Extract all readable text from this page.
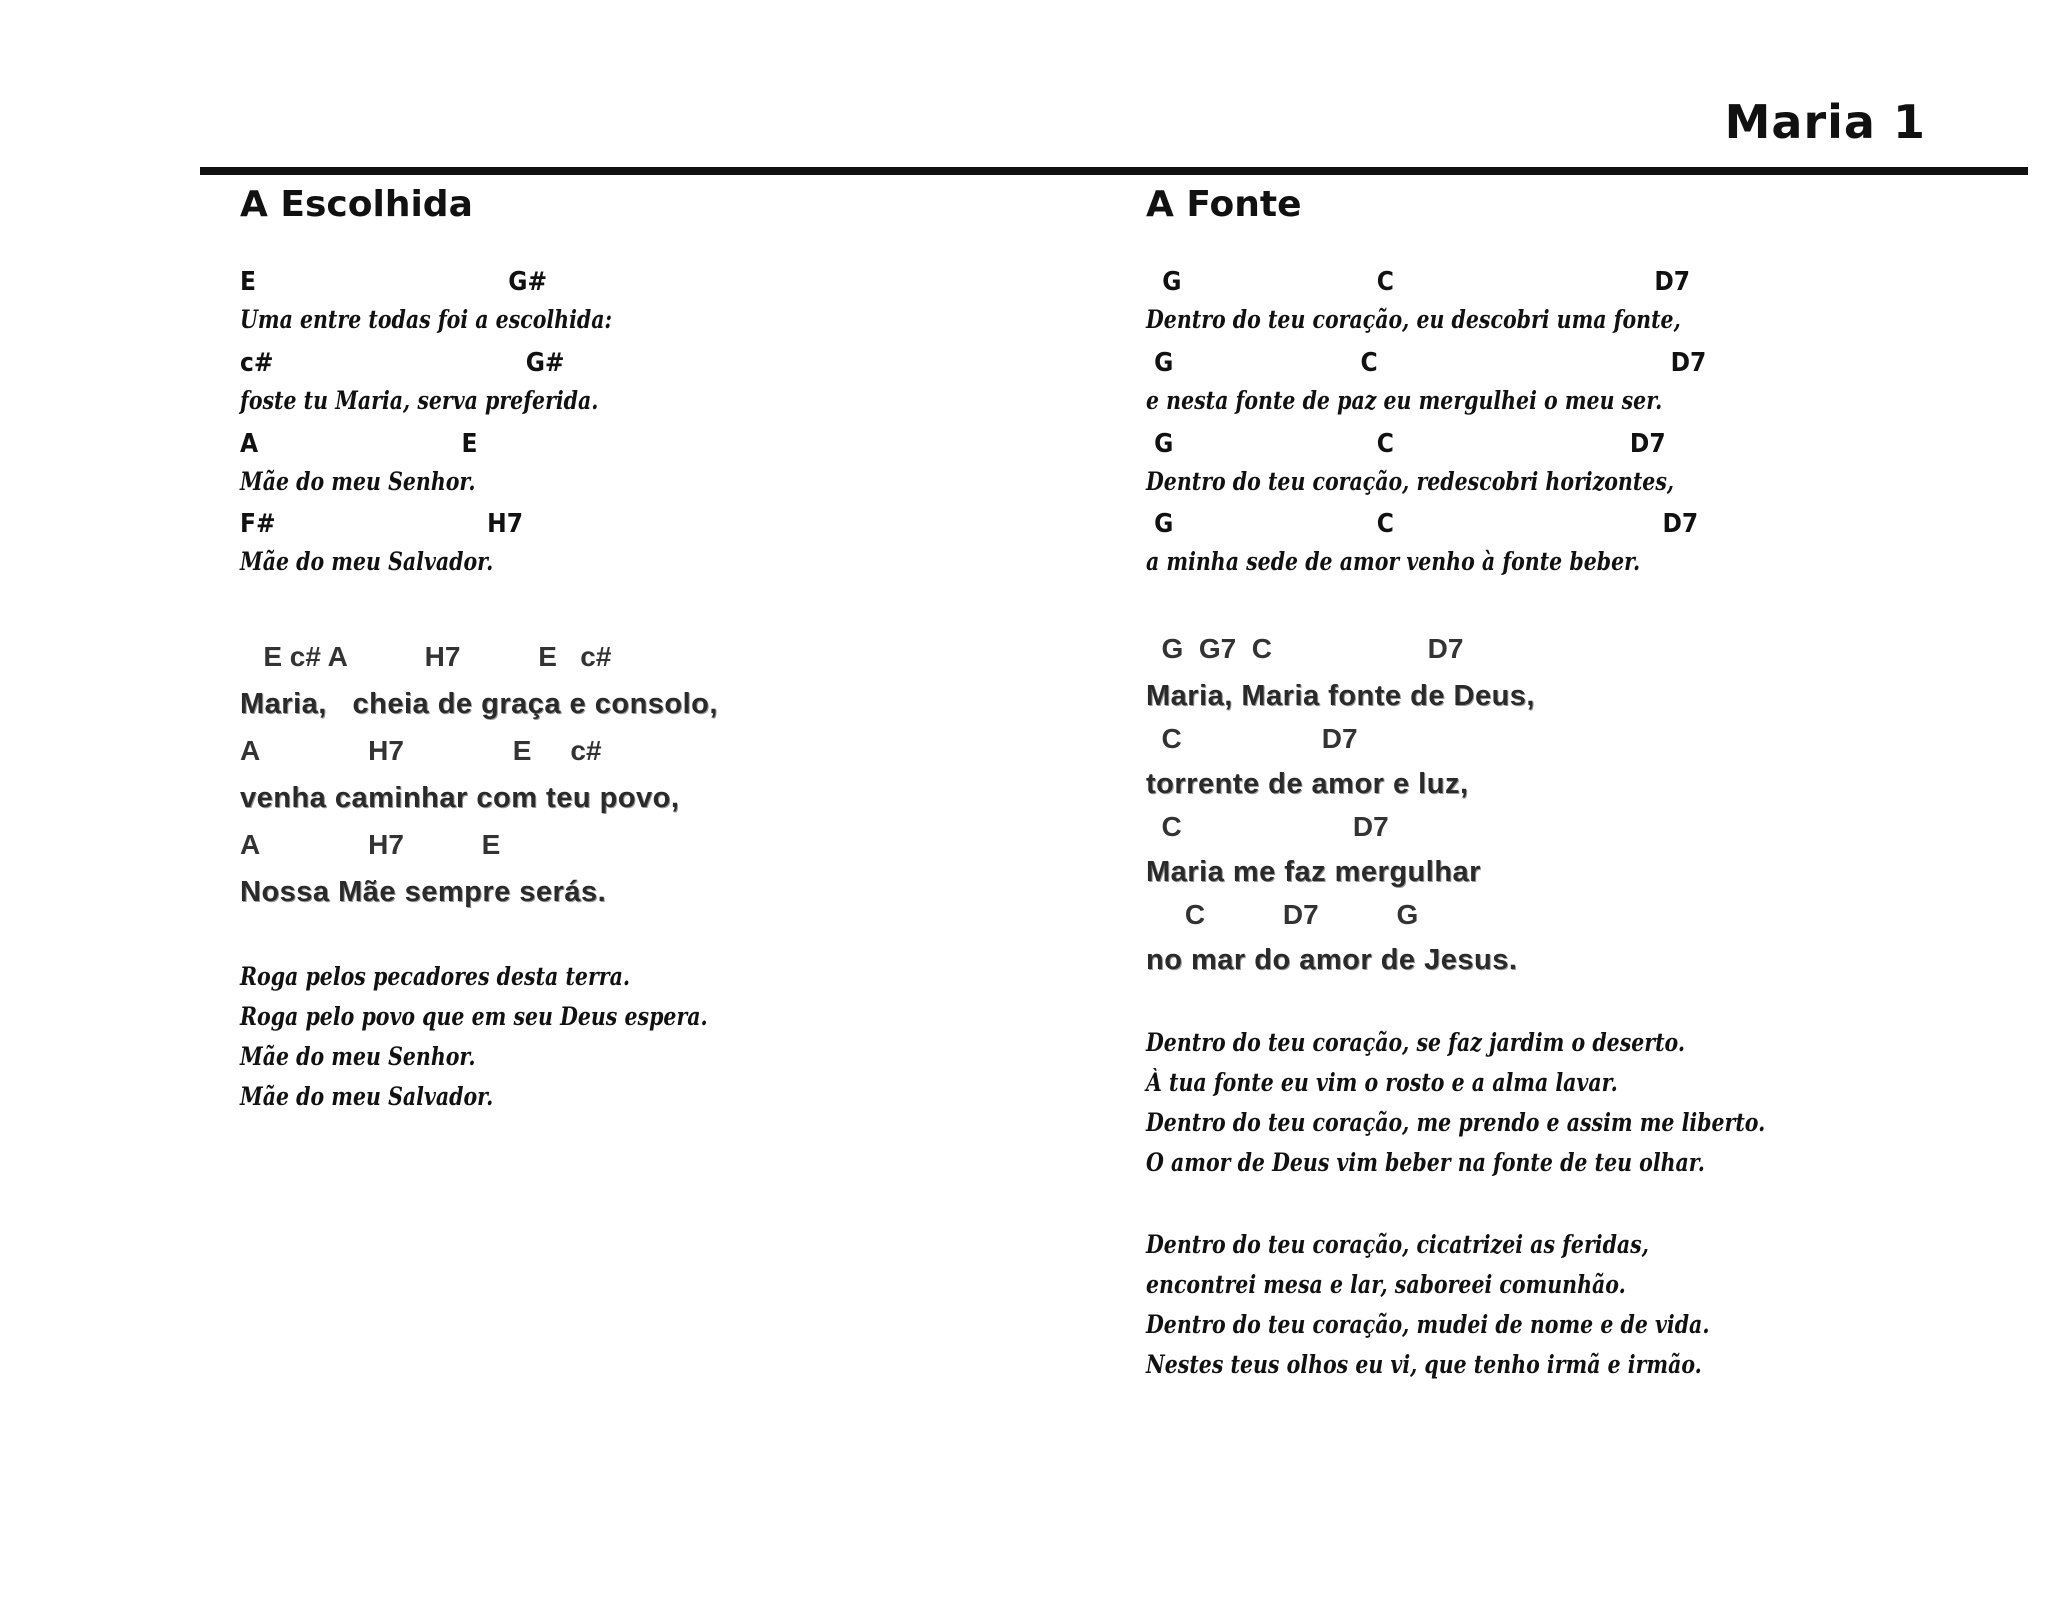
Maria 1
A Escolhida
E                               G#
Uma entre todas foi a escolhida:
c#                               G#
foste tu Maria, serva preferida.
A                         E
Mãe do meu Senhor.
F#                          H7
Mãe do meu Salvador.
E c# A          H7          E   c#
Maria,   cheia de graça e consolo,
A              H7              E     c#
venha caminhar com teu povo,
A              H7          E
Nossa Mãe sempre serás.
Roga pelos pecadores desta terra.
Roga pelo povo que em seu Deus espera.
Mãe do meu Senhor.
Mãe do meu Salvador.
A Fonte
G                        C                                D7
Dentro do teu coração, eu descobri uma fonte,
G                       C                                    D7
e nesta fonte de paz eu mergulhei o meu ser.
G                         C                             D7
Dentro do teu coração, redescobri horizontes,
G                         C                                 D7
a minha sede de amor venho à fonte beber.
G  G7  C                    D7
Maria, Maria fonte de Deus,
C                  D7
torrente de amor e luz,
C                      D7
Maria me faz mergulhar
C          D7          G
no mar do amor de Jesus.
Dentro do teu coração, se faz jardim o deserto.
À tua fonte eu vim o rosto e a alma lavar.
Dentro do teu coração, me prendo e assim me liberto.
O amor de Deus vim beber na fonte de teu olhar.
Dentro do teu coração, cicatrizei as feridas,
encontrei mesa e lar, saboreei comunhão.
Dentro do teu coração, mudei de nome e de vida.
Nestes teus olhos eu vi, que tenho irmã e irmão.
